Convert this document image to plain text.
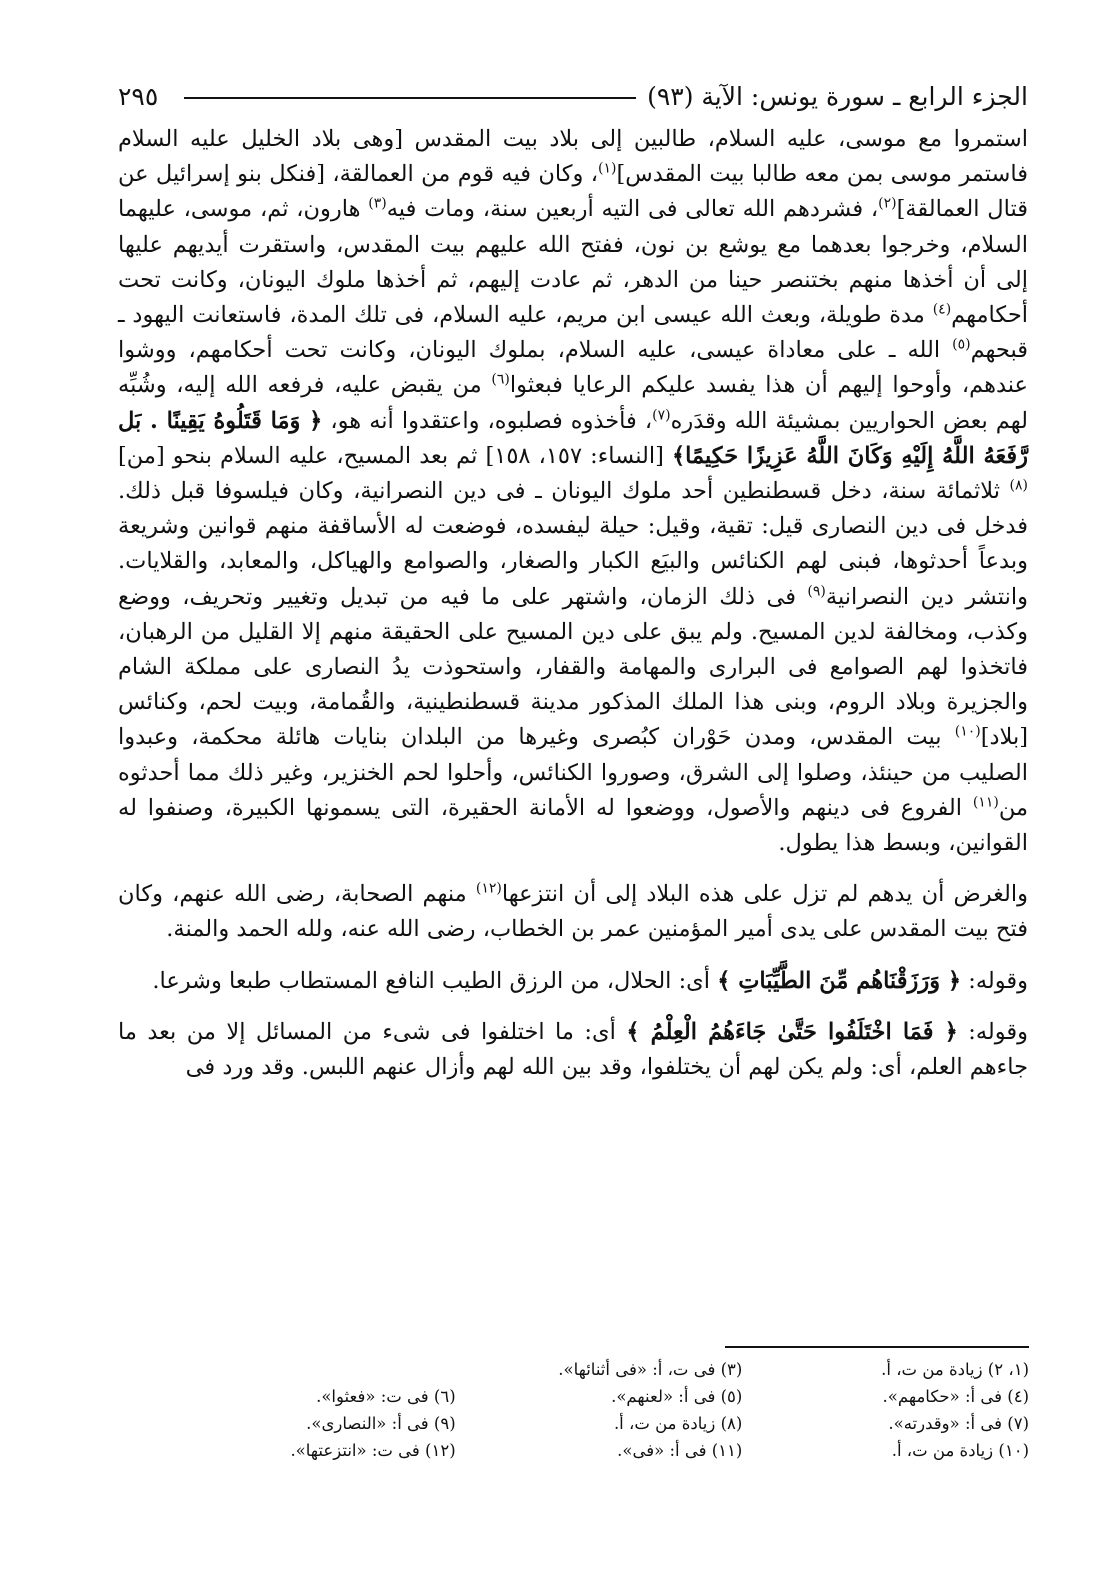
الجزء الرابع ـ سورة يونس: الآية (٩٣)
٢٩٥

استمروا مع موسى، عليه السلام، طالبين إلى بلاد بيت المقدس [وهى بلاد الخليل عليه السلام فاستمر موسى بمن معه طالبا بيت المقدس]$^{(١)}$، وكان فيه قوم من العمالقة، [فنكل بنو إسرائيل عن قتال العمالقة]$^{(٢)}$، فشردهم الله تعالى فى التيه أربعين سنة، ومات فيه$^{(٣)}$ هارون، ثم، موسى، عليهما السلام، وخرجوا بعدهما مع يوشع بن نون، ففتح الله عليهم بيت المقدس، واستقرت أيديهم عليها إلى أن أخذها منهم بختنصر حينا من الدهر، ثم عادت إليهم، ثم أخذها ملوك اليونان، وكانت تحت أحكامهم$^{(٤)}$ مدة طويلة، وبعث الله عيسى ابن مريم، عليه السلام، فى تلك المدة، فاستعانت اليهود ـ قبحهم$^{(٥)}$ الله ـ على معاداة عيسى، عليه السلام، بملوك اليونان، وكانت تحت أحكامهم، ووشوا عندهم، وأوحوا إليهم أن هذا يفسد عليكم الرعايا فبعثوا$^{(٦)}$ من يقبض عليه، فرفعه الله إليه، وشُبِّه لهم بعض الحواريين بمشيئة الله وقدَره$^{(٧)}$، فأخذوه فصلبوه، واعتقدوا أنه هو، ﴿ وَمَا قَتَلُوهُ يَقِينًا . بَل رَّفَعَهُ اللَّهُ إِلَيْهِ وَكَانَ اللَّهُ عَزِيزًا حَكِيمًا﴾ [النساء: ١٥٧، ١٥٨] ثم بعد المسيح، عليه السلام بنحو [من]$^{(٨)}$ ثلاثمائة سنة، دخل قسطنطين أحد ملوك اليونان ـ فى دين النصرانية، وكان فيلسوفا قبل ذلك. فدخل فى دين النصارى قيل: تقية، وقيل: حيلة ليفسده، فوضعت له الأساقفة منهم قوانين وشريعة وبدعاً أحدثوها، فبنى لهم الكنائس والبيَع الكبار والصغار، والصوامع والهياكل، والمعابد، والقلايات. وانتشر دين النصرانية$^{(٩)}$ فى ذلك الزمان، واشتهر على ما فيه من تبديل وتغيير وتحريف، ووضع وكذب، ومخالفة لدين المسيح. ولم يبق على دين المسيح على الحقيقة منهم إلا القليل من الرهبان، فاتخذوا لهم الصوامع فى البرارى والمهامة والقفار، واستحوذت يدُ النصارى على مملكة الشام والجزيرة وبلاد الروم، وبنى هذا الملك المذكور مدينة قسطنطينية، والقُمامة، وبيت لحم، وكنائس [بلاد]$^{(١٠)}$ بيت المقدس، ومدن حَوْران كبُصرى وغيرها من البلدان بنايات هائلة محكمة، وعبدوا الصليب من حينئذ، وصلوا إلى الشرق، وصوروا الكنائس، وأحلوا لحم الخنزير، وغير ذلك مما أحدثوه من$^{(١١)}$ الفروع فى دينهم والأصول، ووضعوا له الأمانة الحقيرة، التى يسمونها الكبيرة، وصنفوا له القوانين، وبسط هذا يطول.

والغرض أن يدهم لم تزل على هذه البلاد إلى أن انتزعها$^{(١٢)}$ منهم الصحابة، رضى الله عنهم، وكان فتح بيت المقدس على يدى أمير المؤمنين عمر بن الخطاب، رضى الله عنه، ولله الحمد والمنة.

وقوله: ﴿ وَرَزَقْنَاهُم مِّنَ الطَّيِّبَاتِ ﴾ أى: الحلال، من الرزق الطيب النافع المستطاب طبعا وشرعا.

وقوله: ﴿ فَمَا اخْتَلَفُوا حَتَّىٰ جَاءَهُمُ الْعِلْمُ ﴾ أى: ما اختلفوا فى شىء من المسائل إلا من بعد ما جاءهم العلم، أى: ولم يكن لهم أن يختلفوا، وقد بين الله لهم وأزال عنهم اللبس. وقد ورد فى

(١، ٢) زيادة من ت، أ.
(٤) فى أ: «حكامهم».
(٧) فى أ: «وقدرته».
(١٠) زيادة من ت، أ.
(٣) فى ت، أ: «فى أثنائها».
(٥) فى أ: «لعنهم».
(٨) زيادة من ت، أ.
(١١) فى أ: «فى».
(٦) فى ت: «فعثوا».
(٩) فى أ: «النصارى».
(١٢) فى ت: «انتزعتها».
